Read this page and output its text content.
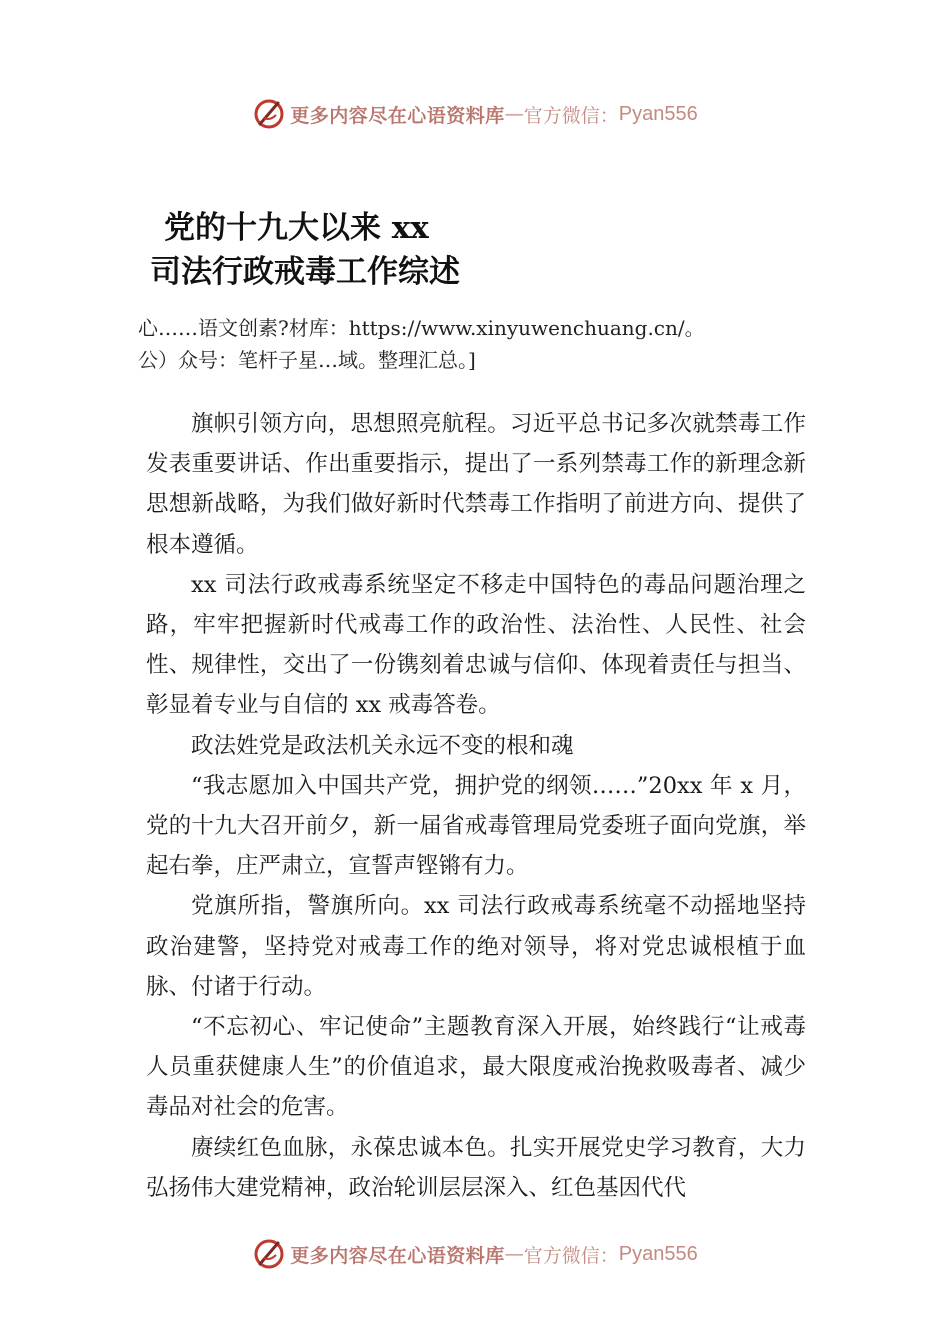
更多内容尽在心语资料库 — 官方微信： Pyan556
党的十九大以来 xx
司法行政戒毒工作综述
心……语文创素?材库：https://www.xinyuwenchuang.cn/。
公）众号：笔杆子星…域。整理汇总。]

旗帜引领方向，思想照亮航程。习近平总书记多次就禁毒工作发表重要讲话、作出重要指示，提出了一系列禁毒工作的新理念新思想新战略，为我们做好新时代禁毒工作指明了前进方向、提供了根本遵循。

xx 司法行政戒毒系统坚定不移走中国特色的毒品问题治理之路，牢牢把握新时代戒毒工作的政治性、法治性、人民性、社会性、规律性，交出了一份镌刻着忠诚与信仰、体现着责任与担当、彰显着专业与自信的 xx 戒毒答卷。

政法姓党是政法机关永远不变的根和魂

“我志愿加入中国共产党，拥护党的纲领……”20xx 年 x 月，党的十九大召开前夕，新一届省戒毒管理局党委班子面向党旗，举起右拳，庄严肃立，宣誓声铿锵有力。

党旗所指，警旗所向。xx 司法行政戒毒系统毫不动摇地坚持政治建警，坚持党对戒毒工作的绝对领导，将对党忠诚根植于血脉、付诸于行动。

“不忘初心、牢记使命”主题教育深入开展，始终践行“让戒毒人员重获健康人生”的价值追求，最大限度戒治挽救吸毒者、减少毒品对社会的危害。

赓续红色血脉，永葆忠诚本色。扎实开展党史学习教育，大力弘扬伟大建党精神，政治轮训层层深入、红色基因代代

更多内容尽在心语资料库 — 官方微信： Pyan556
